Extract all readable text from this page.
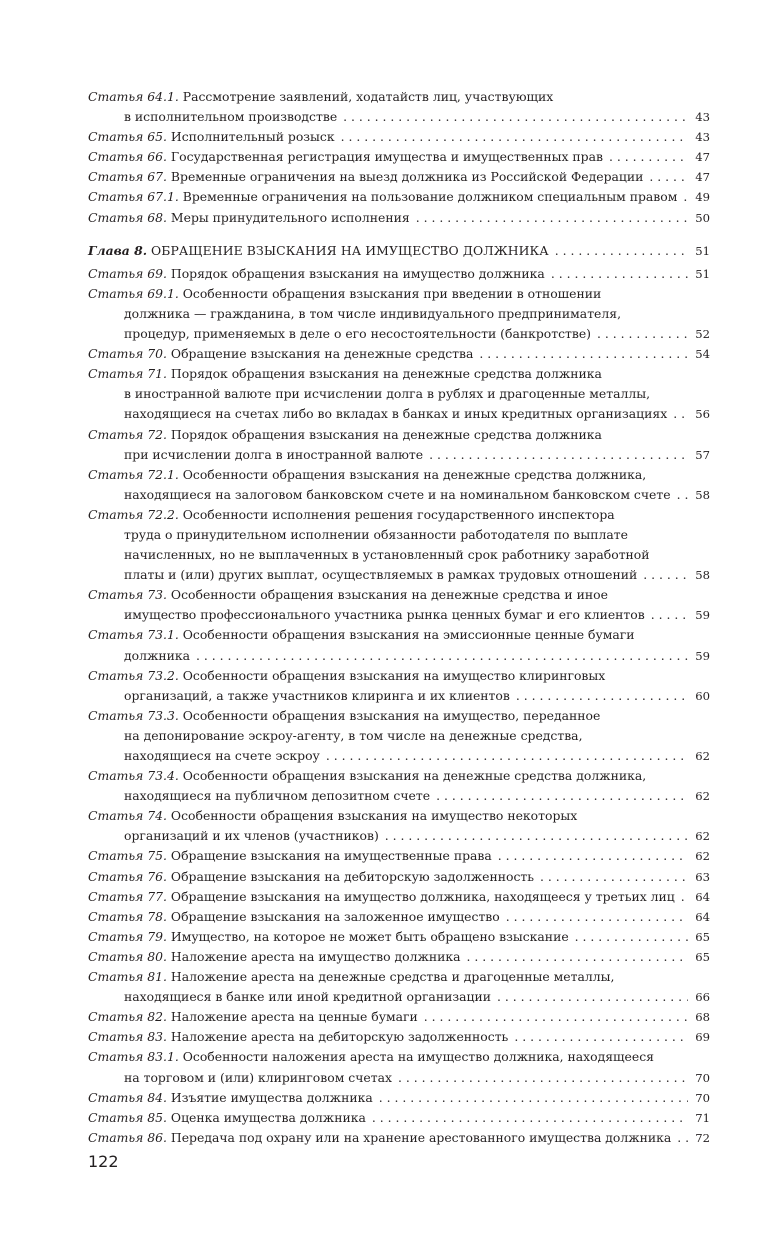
Статья 64.1.
Рассмотрение заявлений, ходатайств лиц, участвующих
в исполнительном производстве . . .	43
Статья 65.
Исполнительный розыск . . .	43
Статья 66.
Государственная регистрация имущества и имущественных прав . . .	47
Статья 67.
Временные ограничения на выезд должника из Российской Федерации . . .	47
Статья 67.1.
Временные ограничения на пользование должником специальным правом . . . 49
Статья 68.
Меры принудительного исполнения . . .	50
Глава 8.
ОБРАЩЕНИЕ ВЗЫСКАНИЯ НА ИМУЩЕСТВО ДОЛЖНИКА . . .	51
Статья 69.
Порядок обращения взыскания на имущество должника . . .	51
Статья 69.1.
Особенности обращения взыскания при введении в отношении
должника — гражданина, в том числе индивидуального предпринимателя,
процедур, применяемых в деле о его несостоятельности (банкротстве) . . .	52
Статья 70.
Обращение взыскания на денежные средства . . .	54
Статья 71.
Порядок обращения взыскания на денежные средства должника
в иностранной валюте при исчислении долга в рублях и драгоценные металлы,
находящиеся на счетах либо во вкладах в банках и иных кредитных организациях . . . 56
Статья 72.
Порядок обращения взыскания на денежные средства должника
при исчислении долга в иностранной валюте . . .	57
Статья 72.1.
Особенности обращения взыскания на денежные средства должника,
находящиеся на залоговом банковском счете и на номинальном банковском счете . . . 58
Статья 72.2.
Особенности исполнения решения государственного инспектора
труда о принудительном исполнении обязанности работодателя по выплате
начисленных, но не выплаченных в установленный срок работнику заработной
платы и (или) других выплат, осуществляемых в рамках трудовых отношений . . .	58
Статья 73.
Особенности обращения взыскания на денежные средства и иное
имущество профессионального участника рынка ценных бумаг и его клиентов . . .	59
Статья 73.1.
Особенности обращения взыскания на эмиссионные ценные бумаги
должника . . .	59
Статья 73.2.
Особенности обращения взыскания на имущество клиринговых
организаций, а также участников клиринга и их клиентов . . .	60
Статья 73.3.
Особенности обращения взыскания на имущество, переданное
на депонирование эскроу-агенту, в том числе на денежные средства,
находящиеся на счете эскроу . . .	62
Статья 73.4.
Особенности обращения взыскания на денежные средства должника,
находящиеся на публичном депозитном счете . . .	62
Статья 74.
Особенности обращения взыскания на имущество некоторых
организаций и их членов (участников) . . .	62
Статья 75.
Обращение взыскания на имущественные права . . .	62
Статья 76.
Обращение взыскания на дебиторскую задолженность . . .	63
Статья 77.
Обращение взыскания на имущество должника, находящееся у третьих лиц . . . 64
Статья 78.
Обращение взыскания на заложенное имущество . . .	64
Статья 79.
Имущество, на которое не может быть обращено взыскание . . .	65
Статья 80.
Наложение ареста на имущество должника . . .	65
Статья 81.
Наложение ареста на денежные средства и драгоценные металлы,
находящиеся в банке или иной кредитной организации . . .	66
Статья 82.
Наложение ареста на ценные бумаги . . .	68
Статья 83.
Наложение ареста на дебиторскую задолженность . . .	69
Статья 83.1.
Особенности наложения ареста на имущество должника, находящееся
на торговом и (или) клиринговом счетах . . .	70
Статья 84.
Изъятие имущества должника . . .	70
Статья 85.
Оценка имущества должника . . .	71
Статья 86.
Передача под охрану или на хранение арестованного имущества должника . . . 72
122
